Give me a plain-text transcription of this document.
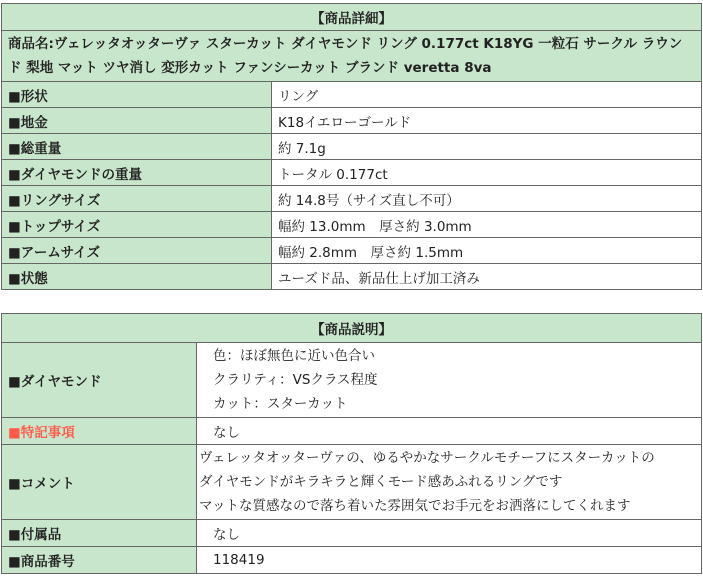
【商品詳細】	
商品名:ヴェレッタオッターヴァ スターカット ダイヤモンド リング 0.177ct K18YG 一粒石 サークル ラウンド 梨地 マット ツヤ消し 変形カット ファンシーカット ブランド veretta 8va	
■形状	リング
■地金	K18イエローゴールド
■総重量	約 7.1g
■ダイヤモンドの重量	トータル 0.177ct
■リングサイズ	約 14.8号（サイズ直し不可）
■トップサイズ	幅約 13.0mm　厚さ約 3.0mm
■アームサイズ	幅約 2.8mm　厚さ約 1.5mm
■状態	ユーズド品、新品仕上げ加工済み
【商品説明】	
■ダイヤモンド	色：ほぼ無色に近い色合い
クラリティ：VSクラス程度
カット：スターカット

■特記事項	なし
■コメント	ヴェレッタオッターヴァの、ゆるやかなサークルモチーフにスターカットの
ダイヤモンドがキラキラと輝くモード感あふれるリングです
マットな質感なので落ち着いた雰囲気でお手元をお洒落にしてくれます

■付属品	なし
■商品番号	118419
